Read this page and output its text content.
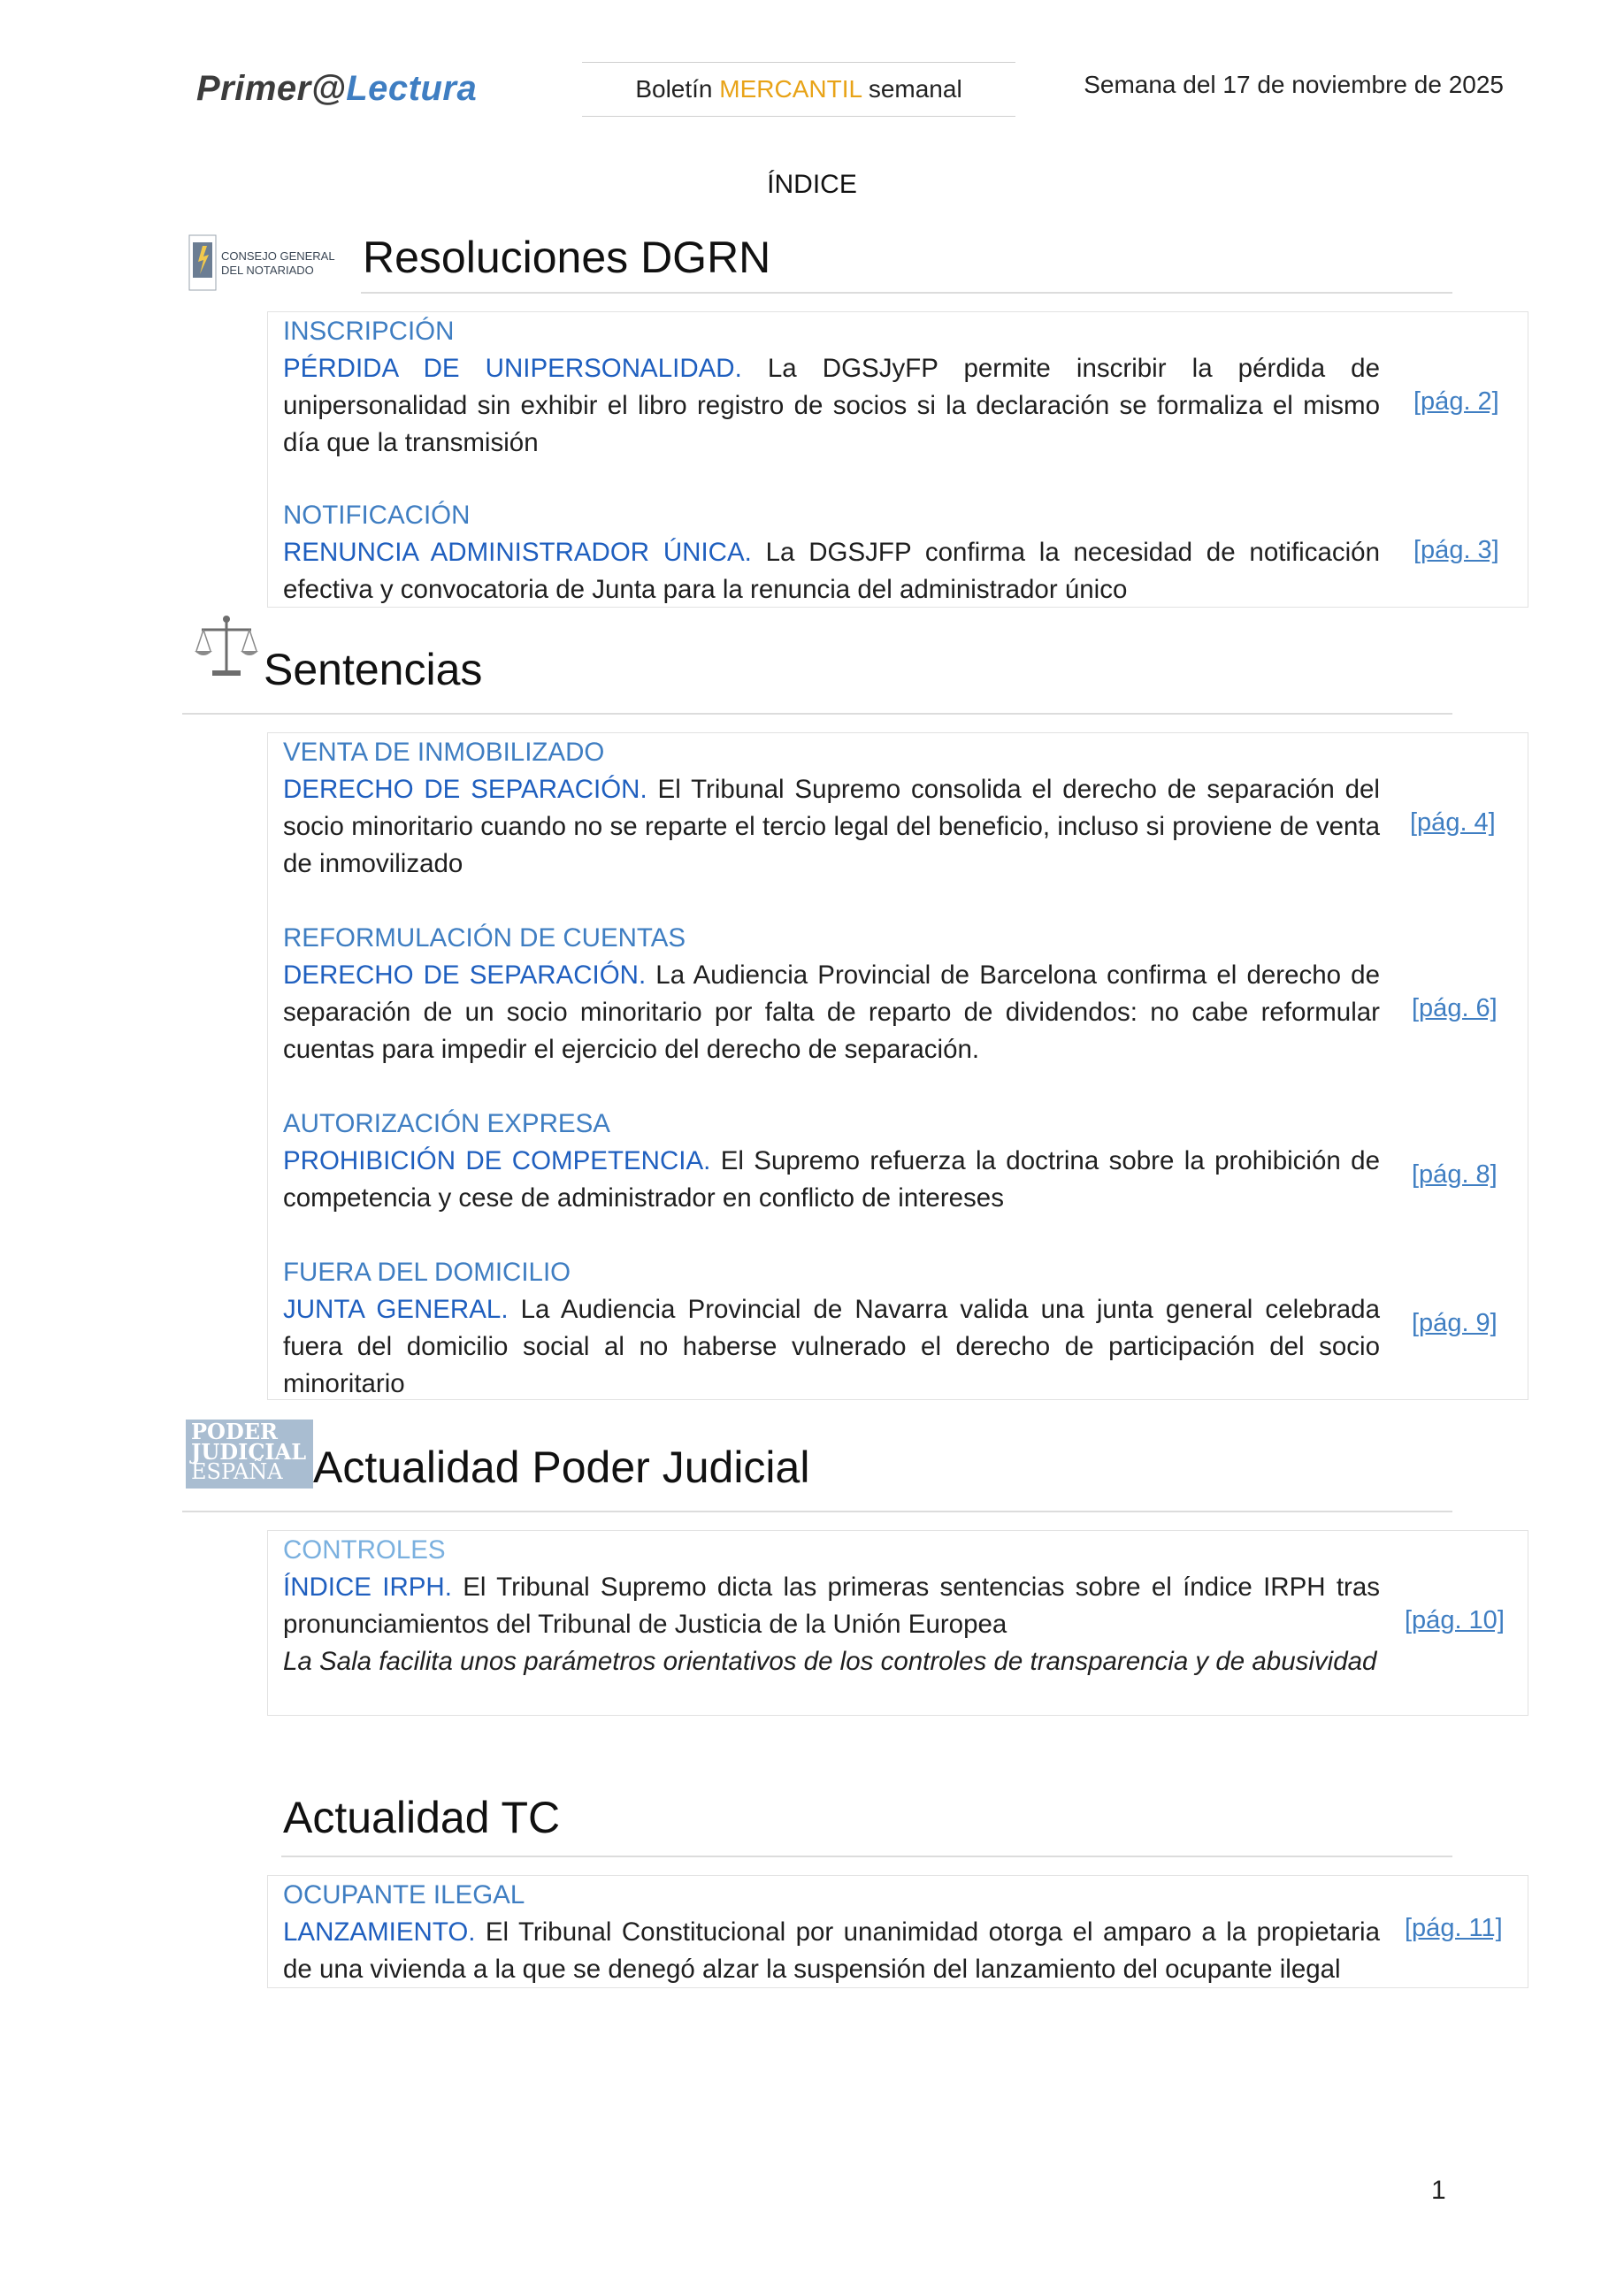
Primer@Lectura	Boletín MERCANTIL semanal	Semana del 17 de noviembre de 2025
ÍNDICE
CONSEJO GENERAL
DEL NOTARIADO Resoluciones DGRN
INSCRIPCIÓN
PÉRDIDA DE UNIPERSONALIDAD. La DGSJyFP permite inscribir la pérdida de unipersonalidad sin exhibir el libro registro de socios si la declaración se formaliza el mismo día que la transmisión
[pág. 2]
NOTIFICACIÓN
RENUNCIA ADMINISTRADOR ÚNICA. La DGSJFP confirma la necesidad de notificación efectiva y convocatoria de Junta para la renuncia del administrador único
[pág. 3]
Sentencias
VENTA DE INMOBILIZADO
DERECHO DE SEPARACIÓN. El Tribunal Supremo consolida el derecho de separación del socio minoritario cuando no se reparte el tercio legal del beneficio, incluso si proviene de venta de inmovilizado
[pág. 4]
REFORMULACIÓN DE CUENTAS
DERECHO DE SEPARACIÓN. La Audiencia Provincial de Barcelona confirma el derecho de separación de un socio minoritario por falta de reparto de dividendos: no cabe reformular cuentas para impedir el ejercicio del derecho de separación.
[pág. 6]
AUTORIZACIÓN EXPRESA
PROHIBICIÓN DE COMPETENCIA. El Supremo refuerza la doctrina sobre la prohibición de competencia y cese de administrador en conflicto de intereses
[pág. 8]
FUERA DEL DOMICILIO
JUNTA GENERAL. La Audiencia Provincial de Navarra valida una junta general celebrada fuera del domicilio social al no haberse vulnerado el derecho de participación del socio minoritario
[pág. 9]
PODER
JUDICIAL
ESPAÑA Actualidad Poder Judicial
CONTROLES
ÍNDICE IRPH. El Tribunal Supremo dicta las primeras sentencias sobre el índice IRPH tras pronunciamientos del Tribunal de Justicia de la Unión Europea
La Sala facilita unos parámetros orientativos de los controles de transparencia y de abusividad
[pág. 10]
Actualidad TC
OCUPANTE ILEGAL
LANZAMIENTO. El Tribunal Constitucional por unanimidad otorga el amparo a la propietaria de una vivienda a la que se denegó alzar la suspensión del lanzamiento del ocupante ilegal
[pág. 11]
1
